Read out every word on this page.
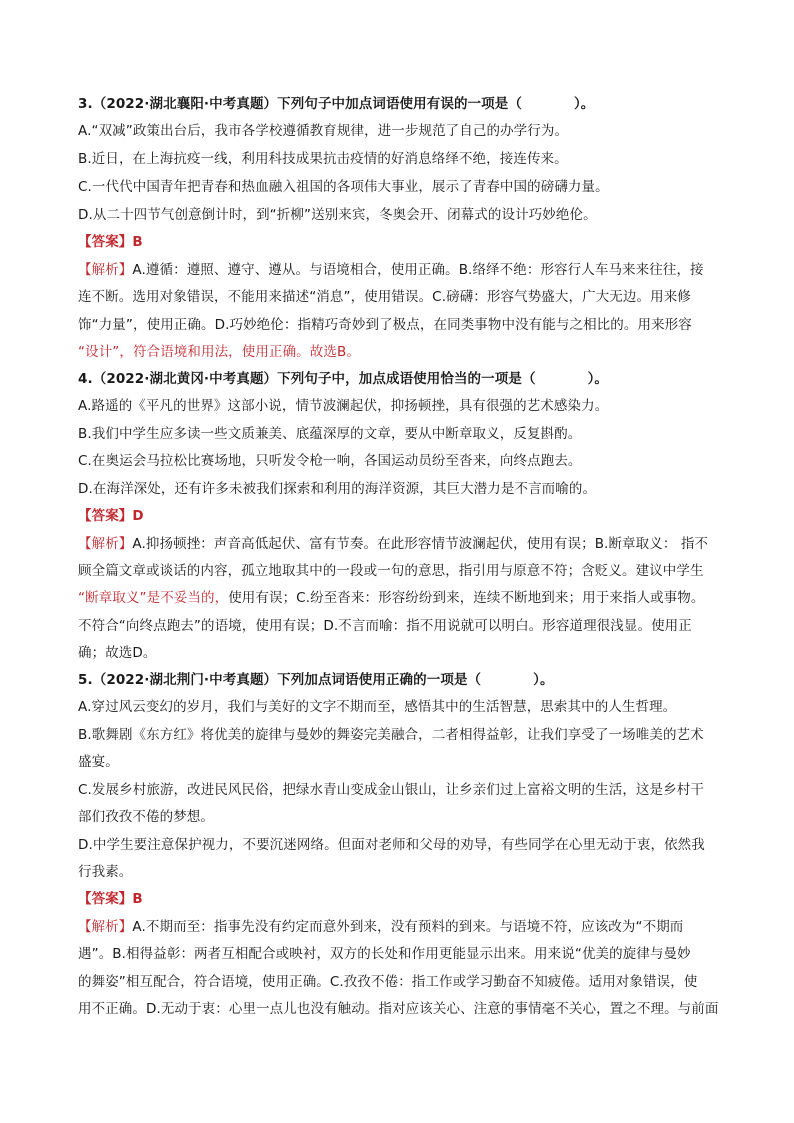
3.（2022·湖北襄阳·中考真题）下列句子中加点词语使用有误的一项是（	）。
A.“双减”政策出台后，我市各学校遵循教育规律，进一步规范了自己的办学行为。
B.近日，在上海抗疫一线，利用科技成果抗击疫情的好消息络绎不绝，接连传来。
C.一代代中国青年把青春和热血融入祖国的各项伟大事业，展示了青春中国的磅礴力量。
D.从二十四节气创意倒计时，到“折柳”送别来宾，冬奥会开、闭幕式的设计巧妙绝伦。
【答案】B
【解析】A.遵循：遵照、遵守、遵从。与语境相合，使用正确。B.络绎不绝：形容行人车马来来往往，接
连不断。选用对象错误，不能用来描述“消息”，使用错误。C.磅礴：形容气势盛大，广大无边。用来修
饰“力量”，使用正确。D.巧妙绝伦：指精巧奇妙到了极点，在同类事物中没有能与之相比的。用来形容
“设计”，符合语境和用法，使用正确。故选B。
4.（2022·湖北黄冈·中考真题）下列句子中，加点成语使用恰当的一项是（	）。
A.路遥的《平凡的世界》这部小说，情节波澜起伏，抑扬顿挫，具有很强的艺术感染力。
B.我们中学生应多读一些文质兼美、底蕴深厚的文章，要从中断章取义，反复斟酌。
C.在奥运会马拉松比赛场地，只听发令枪一响，各国运动员纷至沓来，向终点跑去。
D.在海洋深处，还有许多未被我们探索和利用的海洋资源，其巨大潜力是不言而喻的。
【答案】D
【解析】A.抑扬顿挫：声音高低起伏、富有节奏。在此形容情节波澜起伏，使用有误；B.断章取义： 指不
顾全篇文章或谈话的内容，孤立地取其中的一段或一句的意思，指引用与原意不符；含贬义。建议中学生
“断章取义”是不妥当的，使用有误；C.纷至沓来：形容纷纷到来，连续不断地到来；用于来指人或事物。
不符合“向终点跑去”的语境，使用有误；D.不言而喻：指不用说就可以明白。形容道理很浅显。使用正
确；故选D。
5.（2022·湖北荆门·中考真题）下列加点词语使用正确的一项是（	）。
A.穿过风云变幻的岁月，我们与美好的文字不期而至，感悟其中的生活智慧，思索其中的人生哲理。
B.歌舞剧《东方红》将优美的旋律与曼妙的舞姿完美融合，二者相得益彰，让我们享受了一场唯美的艺术
盛宴。
C.发展乡村旅游，改进民风民俗，把绿水青山变成金山银山，让乡亲们过上富裕文明的生活，这是乡村干
部们孜孜不倦的梦想。
D.中学生要注意保护视力，不要沉迷网络。但面对老师和父母的劝导，有些同学在心里无动于衷，依然我
行我素。
【答案】B
【解析】A.不期而至：指事先没有约定而意外到来，没有预料的到来。与语境不符，应该改为“不期而
遇”。B.相得益彰：两者互相配合或映衬，双方的长处和作用更能显示出来。用来说“优美的旋律与曼妙
的舞姿”相互配合，符合语境，使用正确。C.孜孜不倦：指工作或学习勤奋不知疲倦。适用对象错误，使
用不正确。D.无动于衷：心里一点儿也没有触动。指对应该关心、注意的事情毫不关心，置之不理。与前面
